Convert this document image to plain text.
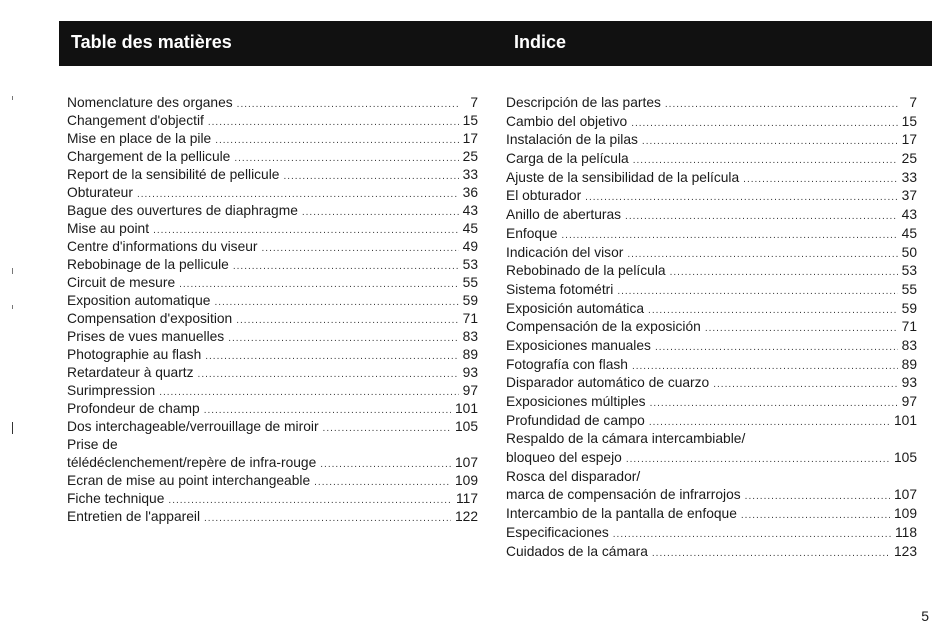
Table des matières	Indice
Nomenclature des organes .....	7
Changement d'objectif .....	15
Mise en place de la pile .....	17
Chargement de la pellicule .....	25
Report de la sensibilité de pellicule .....	33
Obturateur .....	36
Bague des ouvertures de diaphragme .....	43
Mise au point .....	45
Centre d'informations du viseur .....	49
Rebobinage de la pellicule .....	53
Circuit de mesure .....	55
Exposition automatique .....	59
Compensation d'exposition .....	71
Prises de vues manuelles .....	83
Photographie au flash .....	89
Retardateur à quartz .....	93
Surimpression .....	97
Profondeur de champ .....	101
Dos interchageable/verrouillage de miroir .....	105
Prise de
télédéclenchement/repère de infra-rouge .....	107
Ecran de mise au point interchangeable .....	109
Fiche technique .....	117
Entretien de l'appareil .....	122
Descripción de las partes .....	7
Cambio del objetivo .....	15
Instalación de la pilas .....	17
Carga de la película .....	25
Ajuste de la sensibilidad de la película .....	33
El obturador .....	37
Anillo de aberturas .....	43
Enfoque .....	45
Indicación del visor .....	50
Rebobinado de la película .....	53
Sistema fotométri .....	55
Exposición automática .....	59
Compensación de la exposición .....	71
Exposiciones manuales .....	83
Fotografía con flash .....	89
Disparador automático de cuarzo .....	93
Exposiciones múltiples .....	97
Profundidad de campo .....	101
Respaldo de la cámara intercambiable/
bloqueo del espejo .....	105
Rosca del disparador/
marca de compensación de infrarrojos .....	107
Intercambio de la pantalla de enfoque .....	109
Especificaciones .....	118
Cuidados de la cámara .....	123
5
